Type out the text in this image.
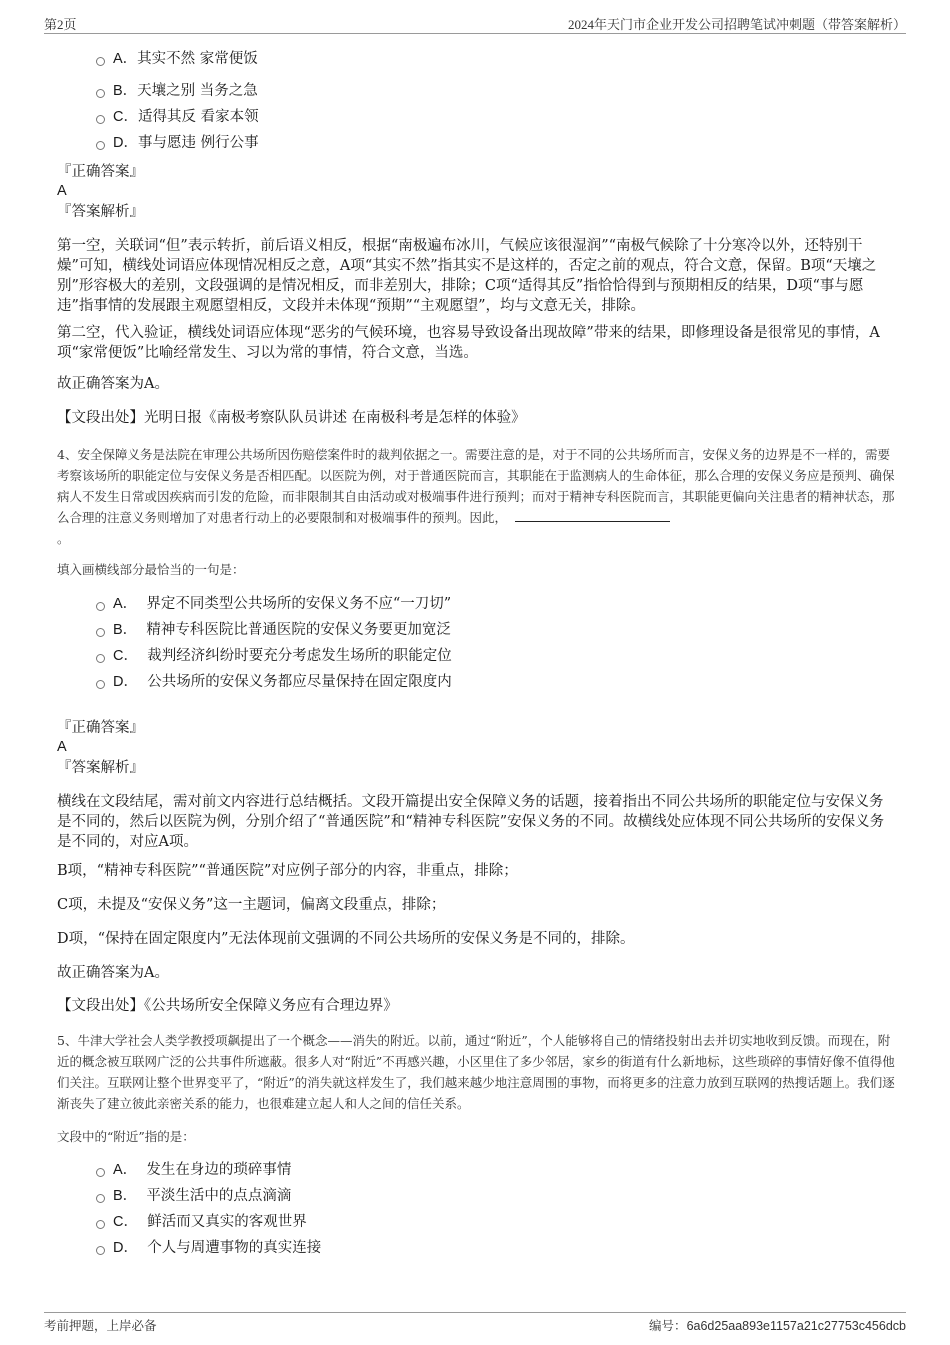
第2页	2024年天门市企业开发公司招聘笔试冲刺题（带答案解析）
A．其实不然 家常便饭
B．天壤之别 当务之急
C．适得其反 看家本领
D．事与愿违 例行公事
『正确答案』
A
『答案解析』
第一空，关联词“但”表示转折，前后语义相反，根据“南极遍布冰川，气候应该很湿润”“南极气候除了十分寒冷以外，还特别干燥”可知，横线处词语应体现情况相反之意，A项“其实不然”指其实不是这样的，否定之前的观点，符合文意，保留。B项“天壤之别”形容极大的差别，文段强调的是情况相反，而非差别大，排除；C项“适得其反”指恰恰得到与预期相反的结果，D项“事与愿违”指事情的发展跟主观愿望相反，文段并未体现“预期”“主观愿望”，均与文意无关，排除。
第二空，代入验证，横线处词语应体现“恶劣的气候环境，也容易导致设备出现故障”带来的结果，即修理设备是很常见的事情，A项“家常便饭”比喻经常发生、习以为常的事情，符合文意，当选。
故正确答案为A。
【文段出处】光明日报《南极考察队队员讲述 在南极科考是怎样的体验》
4、安全保障义务是法院在审理公共场所因伤赔偿案件时的裁判依据之一。需要注意的是，对于不同的公共场所而言，安保义务的边界是不一样的，需要考察该场所的职能定位与安保义务是否相匹配。以医院为例，对于普通医院而言，其职能在于监测病人的生命体征，那么合理的安保义务应是预判、确保病人不发生日常或因疾病而引发的危险，而非限制其自由活动或对极端事件进行预判；而对于精神专科医院而言，其职能更偏向关注患者的精神状态，那么合理的注意义务则增加了对患者行动上的必要限制和对极端事件的预判。因此，
。
填入画横线部分最恰当的一句是：
A． 界定不同类型公共场所的安保义务不应“一刀切”
B． 精神专科医院比普通医院的安保义务要更加宽泛
C． 裁判经济纠纷时要充分考虑发生场所的职能定位
D． 公共场所的安保义务都应尽量保持在固定限度内
『正确答案』
A
『答案解析』
横线在文段结尾，需对前文内容进行总结概括。文段开篇提出安全保障义务的话题，接着指出不同公共场所的职能定位与安保义务是不同的，然后以医院为例，分别介绍了“普通医院”和“精神专科医院”安保义务的不同。故横线处应体现不同公共场所的安保义务是不同的，对应A项。
B项，“精神专科医院”“普通医院”对应例子部分的内容，非重点，排除；
C项，未提及“安保义务”这一主题词，偏离文段重点，排除；
D项，“保持在固定限度内”无法体现前文强调的不同公共场所的安保义务是不同的，排除。
故正确答案为A。
【文段出处】《公共场所安全保障义务应有合理边界》
5、牛津大学社会人类学教授项飙提出了一个概念——消失的附近。以前，通过“附近”，个人能够将自己的情绪投射出去并切实地收到反馈。而现在，附近的概念被互联网广泛的公共事件所遮蔽。很多人对“附近”不再感兴趣，小区里住了多少邻居，家乡的街道有什么新地标，这些琐碎的事情好像不值得他们关注。互联网让整个世界变平了，“附近”的消失就这样发生了，我们越来越少地注意周围的事物，而将更多的注意力放到互联网的热搜话题上。我们逐渐丧失了建立彼此亲密关系的能力，也很难建立起人和人之间的信任关系。
文段中的“附近”指的是：
A． 发生在身边的琐碎事情
B． 平淡生活中的点点滴滴
C． 鲜活而又真实的客观世界
D． 个人与周遭事物的真实连接
考前押题，上岸必备	编号：6a6d25aa893e1157a21c27753c456dcb
